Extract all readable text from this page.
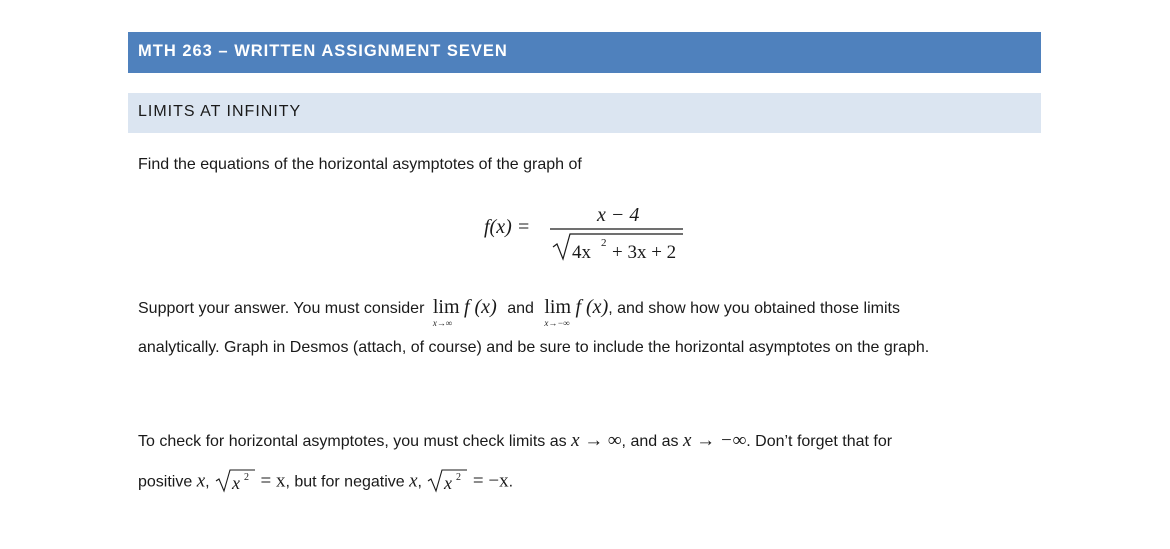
MTH 263 – WRITTEN ASSIGNMENT SEVEN
LIMITS AT INFINITY
Find the equations of the horizontal asymptotes of the graph of
f(x) =
x − 4
4x 2 + 3x + 2
Support your answer. You must consider lim
x→∞
f (x) and lim
x→−∞
f (x), and show how you obtained those limits
analytically. Graph in Desmos (attach, of course) and be sure to include the horizontal asymptotes on the graph.
To check for horizontal asymptotes, you must check limits as x → ∞, and as x → −∞. Don’t forget that for
positive x, x 2 = x, but for negative x, x 2 = −x.
